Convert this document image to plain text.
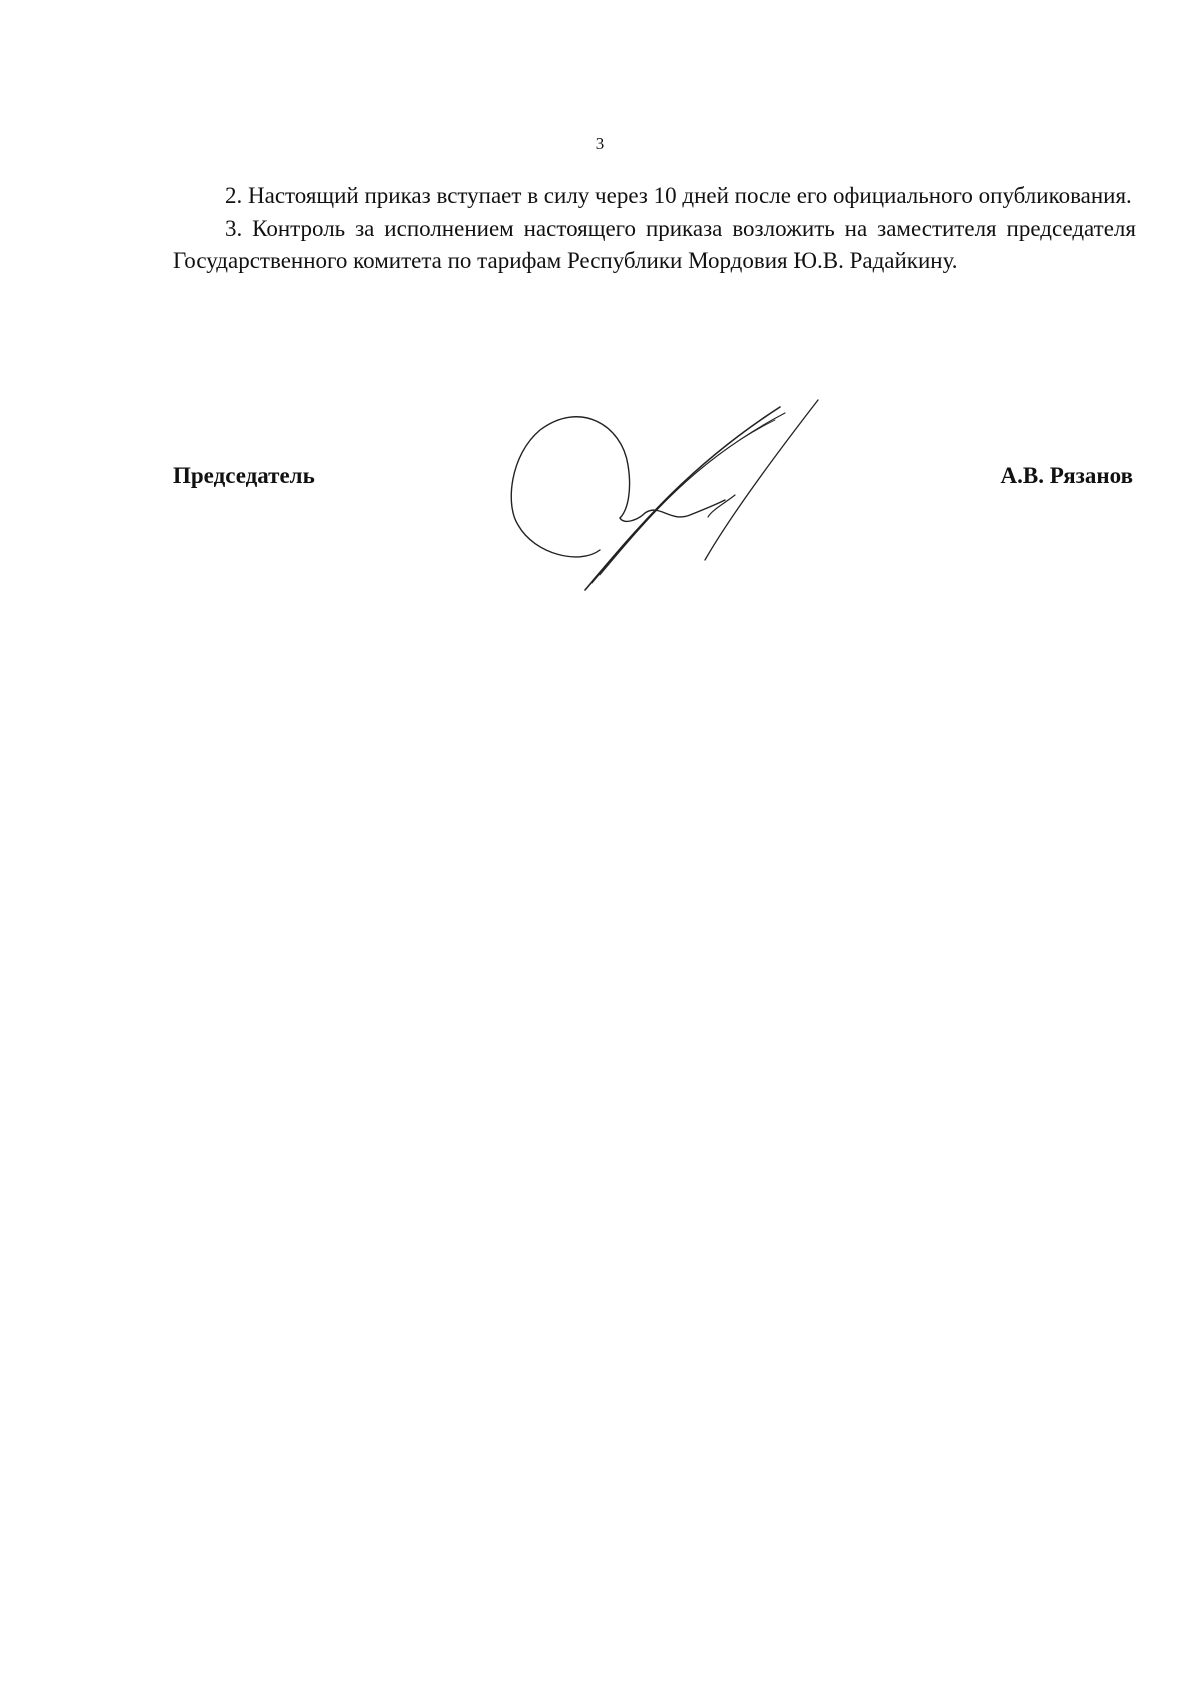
3

2. Настоящий приказ вступает в силу через 10 дней после его официального опубликования.

3. Контроль за исполнением настоящего приказа возложить на заместителя председателя Государственного комитета по тарифам Республики Мордовия Ю.В. Радайкину.

Председатель	А.В. Рязанов
